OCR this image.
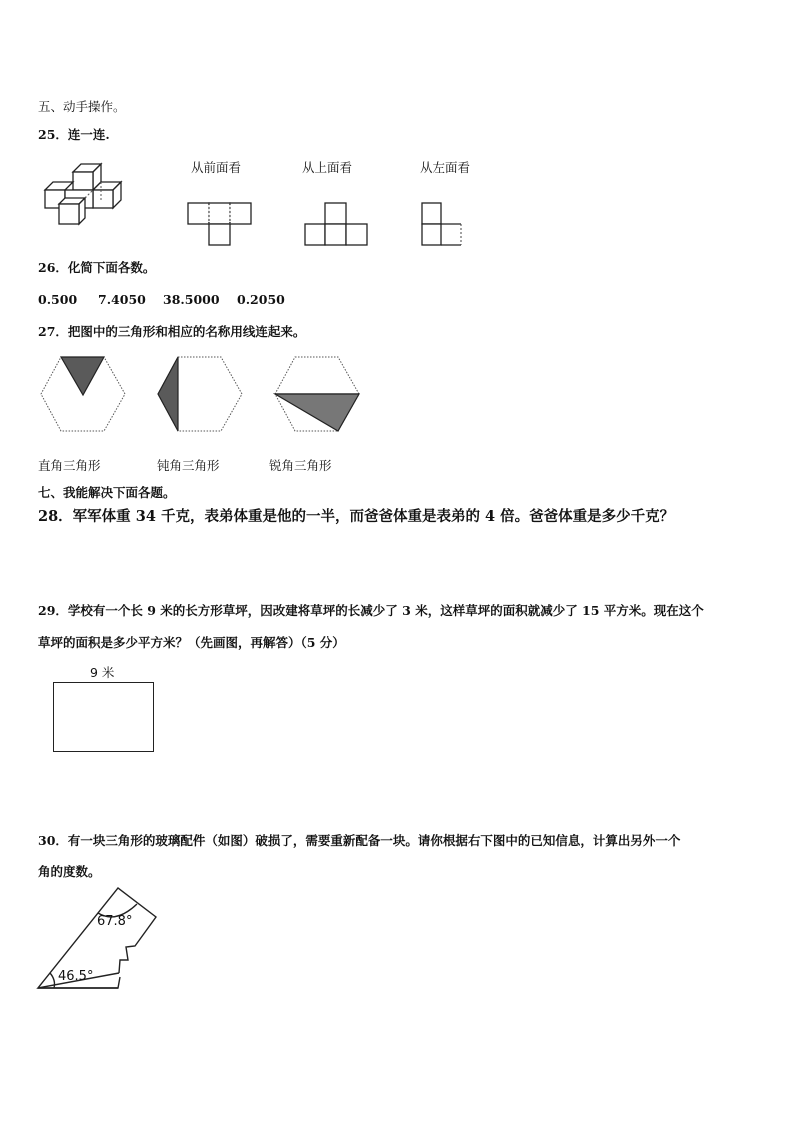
五、动手操作。
25．连一连.
从前面看	从上面看	从左面看
26．化简下面各数。
0.500 7.4050 38.5000 0.2050
27．把图中的三角形和相应的名称用线连起来。
直角三角形	钝角三角形	锐角三角形
七、我能解决下面各题。
28．军军体重 34 千克，表弟体重是他的一半，而爸爸体重是表弟的 4 倍。爸爸体重是多少千克？
29．学校有一个长 9 米的长方形草坪，因改建将草坪的长减少了 3 米，这样草坪的面积就减少了 15 平方米。现在这个
草坪的面积是多少平方米？（先画图，再解答）（5 分）
9 米
30．有一块三角形的玻璃配件（如图）破损了，需要重新配备一块。请你根据右下图中的已知信息，计算出另外一个
角的度数。
67.8°
46.5°
